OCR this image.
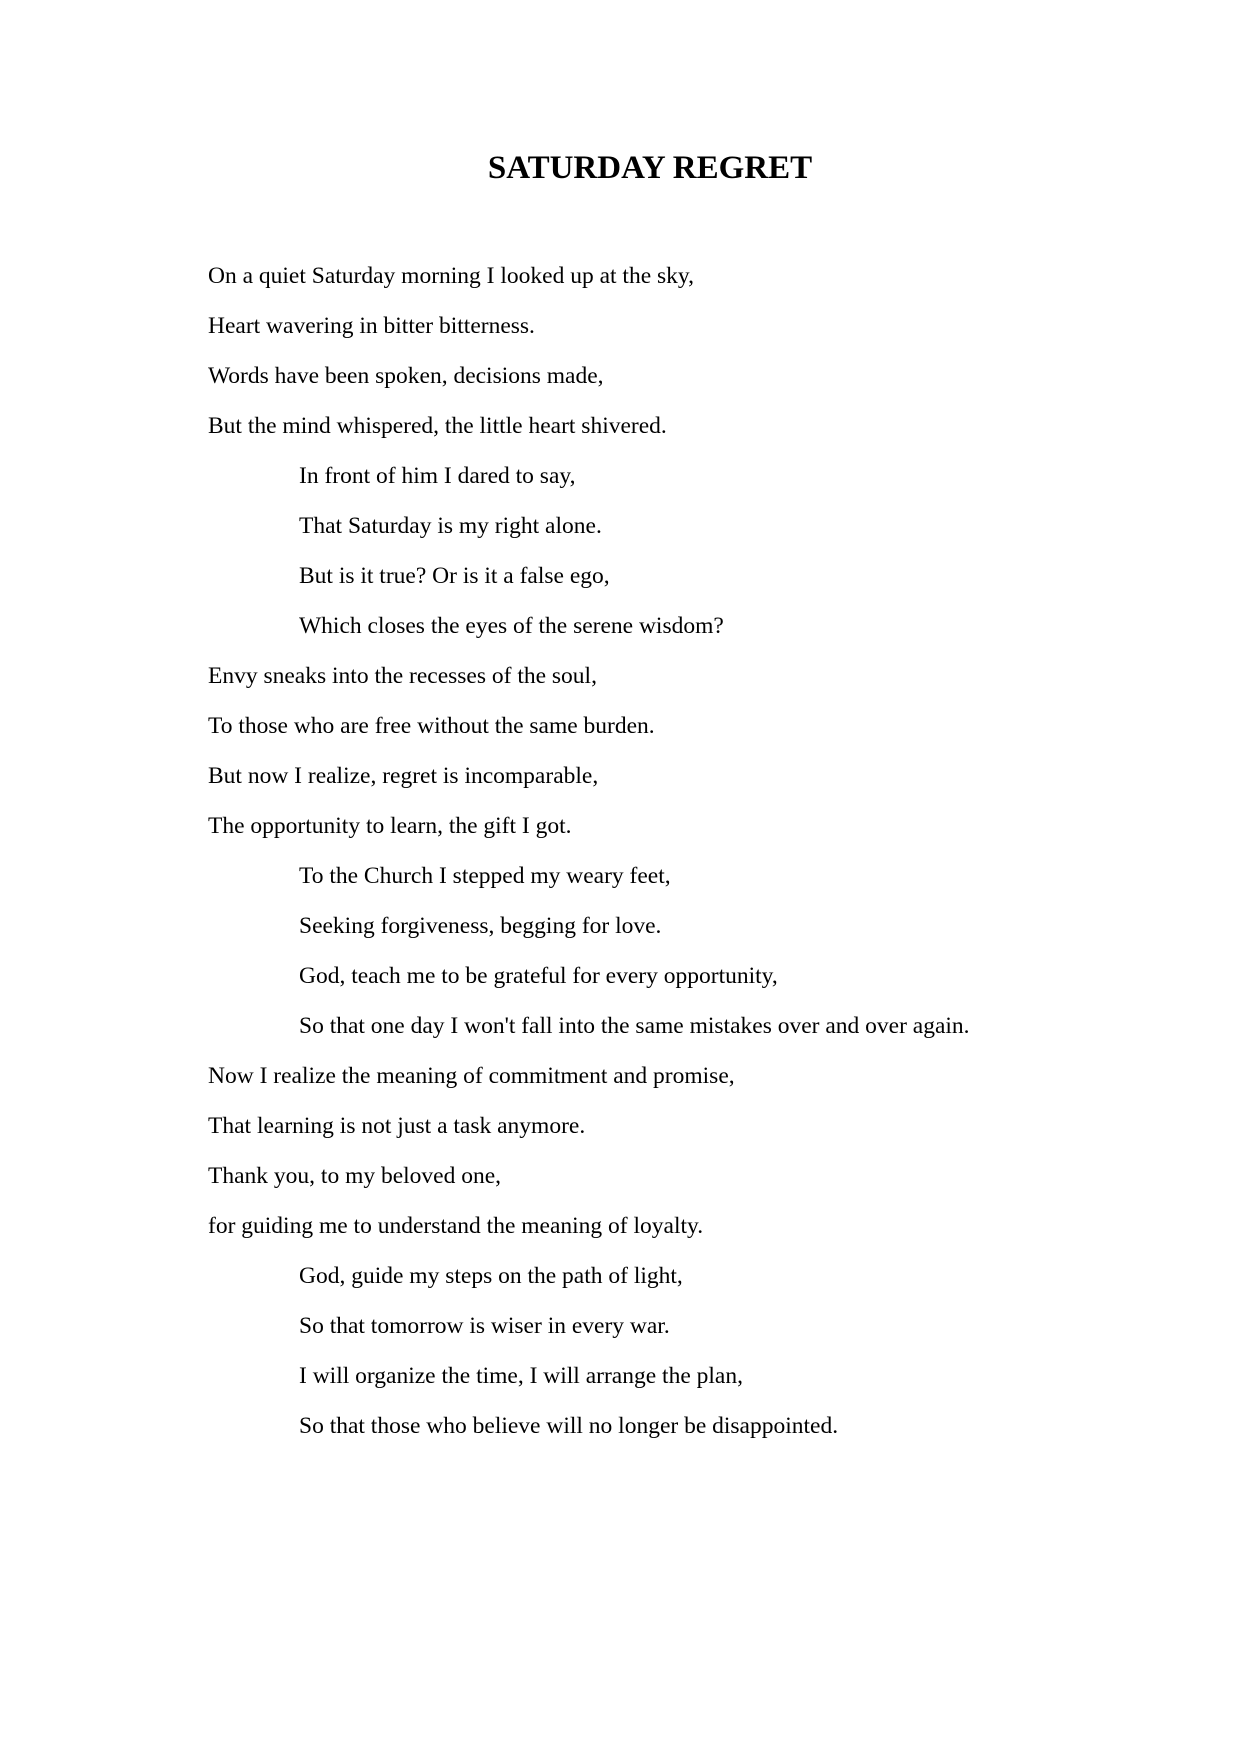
SATURDAY REGRET

On a quiet Saturday morning I looked up at the sky,

Heart wavering in bitter bitterness.

Words have been spoken, decisions made,

But the mind whispered, the little heart shivered.

In front of him I dared to say,

That Saturday is my right alone.

But is it true? Or is it a false ego,

Which closes the eyes of the serene wisdom?

Envy sneaks into the recesses of the soul,

To those who are free without the same burden.

But now I realize, regret is incomparable,

The opportunity to learn, the gift I got.

To the Church I stepped my weary feet,

Seeking forgiveness, begging for love.

God, teach me to be grateful for every opportunity,

So that one day I won't fall into the same mistakes over and over again.

Now I realize the meaning of commitment and promise,

That learning is not just a task anymore.

Thank you, to my beloved one,

for guiding me to understand the meaning of loyalty.

God, guide my steps on the path of light,

So that tomorrow is wiser in every war.

I will organize the time, I will arrange the plan,

So that those who believe will no longer be disappointed.
